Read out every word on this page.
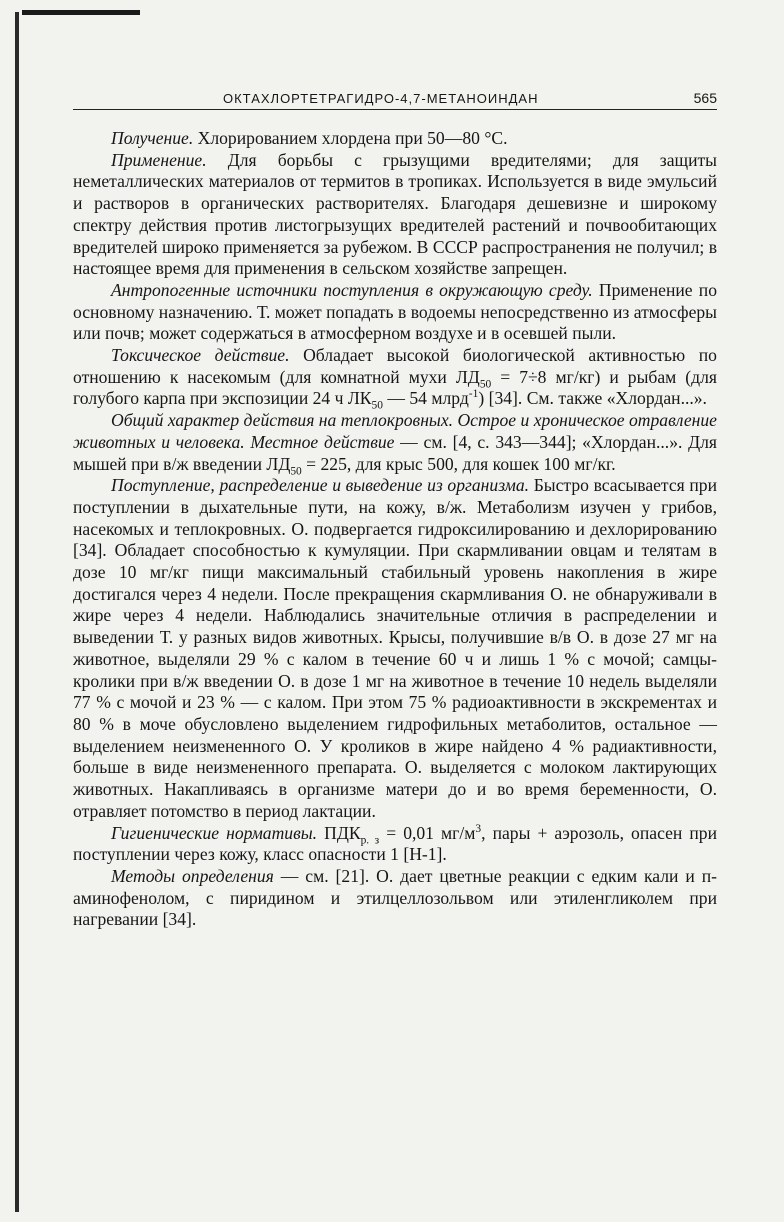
ОКТАХЛОРТЕТРАГИДРО-4,7-МЕТАНОИНДАН	565

Получение. Хлорированием хлордена при 50—80 °С.

Применение. Для борьбы с грызущими вредителями; для защиты неметаллических материалов от термитов в тропиках. Используется в виде эмульсий и растворов в органических растворителях. Благодаря дешевизне и широкому спектру действия против листогрызущих вредителей растений и почвообитающих вредителей широко применяется за рубежом. В СССР распространения не получил; в настоящее время для применения в сельском хозяйстве запрещен.

Антропогенные источники поступления в окружающую среду. Применение по основному назначению. Т. может попадать в водоемы непосредственно из атмосферы или почв; может содержаться в атмосферном воздухе и в осевшей пыли.

Токсическое действие. Обладает высокой биологической активностью по отношению к насекомым (для комнатной мухи $ЛД_{50} = 7\div 8$ мг/кг) и рыбам (для голубого карпа при экспозиции 24 ч $ЛК_{50}$ — 54 млрд$^{-1}$) [34]. См. также «Хлордан...».

Общий характер действия на теплокровных. Острое и хроническое отравление животных и человека. Местное действие — см. [4, с. 343—344]; «Хлордан...». Для мышей при в/ж введении $ЛД_{50} = 225$, для крыс 500, для кошек 100 мг/кг.

Поступление, распределение и выведение из организма. Быстро всасывается при поступлении в дыхательные пути, на кожу, в/ж. Метаболизм изучен у грибов, насекомых и теплокровных. О. подвергается гидроксилированию и дехлорированию [34]. Обладает способностью к кумуляции. При скармливании овцам и телятам в дозе 10 мг/кг пищи максимальный стабильный уровень накопления в жире достигался через 4 недели. После прекращения скармливания О. не обнаруживали в жире через 4 недели. Наблюдались значительные отличия в распределении и выведении Т. у разных видов животных. Крысы, получившие в/в О. в дозе 27 мг на животное, выделяли 29 % с калом в течение 60 ч и лишь 1 % с мочой; самцы-кролики при в/ж введении О. в дозе 1 мг на животное в течение 10 недель выделяли 77 % с мочой и 23 % — с калом. При этом 75 % радиоактивности в экскрементах и 80 % в моче обусловлено выделением гидрофильных метаболитов, остальное — выделением неизмененного О. У кроликов в жире найдено 4 % радиактивности, больше в виде неизмененного препарата. О. выделяется с молоком лактирующих животных. Накапливаясь в организме матери до и во время беременности, О. отравляет потомство в период лактации.

Гигиенические нормативы. $ПДК_{р. з} = 0,01$ $мг/м^3$, пары + аэрозоль, опасен при поступлении через кожу, класс опасности 1 [Н-1].

Методы определения — см. [21]. О. дает цветные реакции с едким кали и п-аминофенолом, с пиридином и этилцеллозольвом или этиленгликолем при нагревании [34].
